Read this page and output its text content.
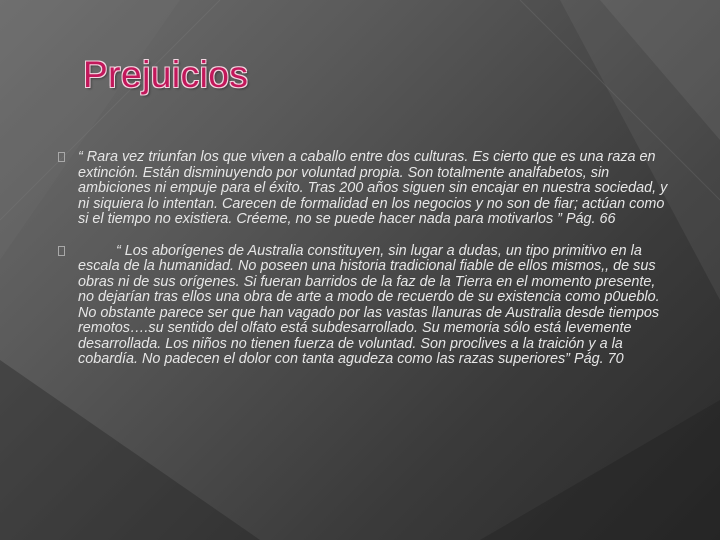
Prejuicios
“ Rara vez triunfan los que viven a caballo entre dos culturas. Es cierto que es una raza en extinción. Están disminuyendo por voluntad propia. Son totalmente analfabetos, sin ambiciones ni empuje para el éxito. Tras 200 años siguen sin encajar en nuestra sociedad, y ni siquiera lo intentan. Carecen de formalidad en los negocios y no son de fiar; actúan como si el tiempo no existiera. Créeme, no se puede hacer nada para motivarlos ” Pág. 66
“ Los aborígenes de Australia constituyen, sin lugar a dudas, un tipo primitivo en la escala de la humanidad. No poseen una historia tradicional fiable de ellos mismos,, de sus obras ni de sus orígenes. Si fueran barridos de la faz de la Tierra en el momento presente, no dejarían tras ellos una obra de arte a modo de recuerdo de su existencia como p0ueblo. No obstante parece ser que han vagado por las vastas llanuras de Australia desde tiempos remotos….su sentido del olfato está subdesarrollado. Su memoria sólo está levemente desarrollada. Los niños no tienen fuerza de voluntad. Son proclives a la traición y a la cobardía. No padecen el dolor con tanta agudeza como las razas superiores” Pág. 70
